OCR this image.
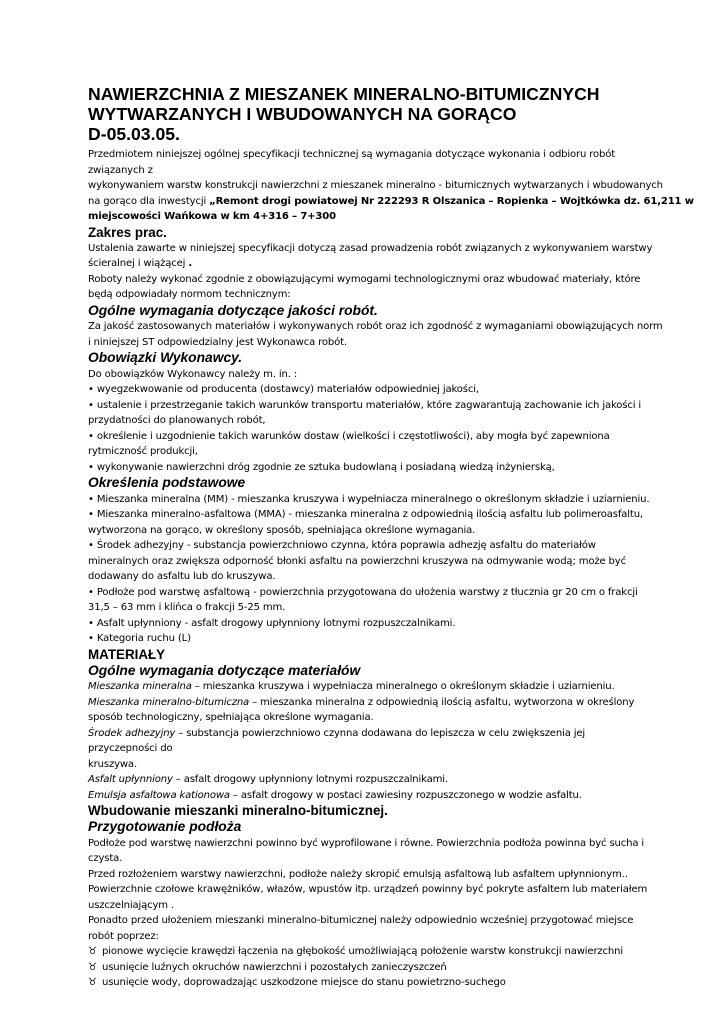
NAWIERZCHNIA Z MIESZANEK MINERALNO-BITUMICZNYCH
WYTWARZANYCH I WBUDOWANYCH NA GORĄCO
D-05.03.05.
Przedmiotem niniejszej ogólnej specyfikacji technicznej są wymagania dotyczące wykonania i odbioru robót
związanych z
wykonywaniem warstw konstrukcji nawierzchni z mieszanek mineralno - bitumicznych wytwarzanych i wbudowanych
na gorąco dla inwestycji „Remont drogi powiatowej Nr 222293 R Olszanica – Ropienka – Wojtkówka dz. 61,211 w
miejscowości Wańkowa w km 4+316 – 7+300
Zakres prac.
Ustalenia zawarte w niniejszej specyfikacji dotyczą zasad prowadzenia robót związanych z wykonywaniem warstwy
ścieralnej i wiążącej .
Roboty należy wykonać zgodnie z obowiązującymi wymogami technologicznymi oraz wbudować materiały, które
będą odpowiadały normom technicznym:
Ogólne wymagania dotyczące jakości robót.
Za jakość zastosowanych materiałów i wykonywanych robót oraz ich zgodność z wymaganiami obowiązujących norm
i niniejszej ST odpowiedzialny jest Wykonawca robót.
Obowiązki Wykonawcy.
Do obowiązków Wykonawcy należy m. in. :
• wyegzekwowanie od producenta (dostawcy) materiałów odpowiedniej jakości,
• ustalenie i przestrzeganie takich warunków transportu materiałów, które zagwarantują zachowanie ich jakości i
przydatności do planowanych robót,
• określenie i uzgodnienie takich warunków dostaw (wielkości i częstotliwości), aby mogła być zapewniona
rytmiczność produkcji,
• wykonywanie nawierzchni dróg zgodnie ze sztuka budowlaną i posiadaną wiedzą inżynierską,
Określenia podstawowe
• Mieszanka mineralna (MM) - mieszanka kruszywa i wypełniacza mineralnego o określonym składzie i uziarnieniu.
• Mieszanka mineralno-asfaltowa (MMA) - mieszanka mineralna z odpowiednią ilością asfaltu lub polimeroasfaltu,
wytworzona na gorąco, w określony sposób, spełniająca określone wymagania.
• Środek adhezyjny - substancja powierzchniowo czynna, która poprawia adhezję asfaltu do materiałów
mineralnych oraz zwiększa odporność błonki asfaltu na powierzchni kruszywa na odmywanie wodą; może być
dodawany do asfaltu lub do kruszywa.
• Podłoże pod warstwę asfaltową - powierzchnia przygotowana do ułożenia warstwy z tłucznia gr 20 cm o frakcji
31,5 – 63 mm i klińca o frakcji 5-25 mm.
• Asfalt upłynniony - asfalt drogowy upłynniony lotnymi rozpuszczalnikami.
• Kategoria ruchu (L)
MATERIAŁY
Ogólne wymagania dotyczące materiałów
Mieszanka mineralna – mieszanka kruszywa i wypełniacza mineralnego o określonym składzie i uziarnieniu.
Mieszanka mineralno-bitumiczna – mieszanka mineralna z odpowiednią ilością asfaltu, wytworzona w określony
sposób technologiczny, spełniająca określone wymagania.
Środek adhezyjny – substancja powierzchniowo czynna dodawana do lepiszcza w celu zwiększenia jej
przyczepności do
kruszywa.
Asfalt upłynniony – asfalt drogowy upłynniony lotnymi rozpuszczalnikami.
Emulsja asfaltowa kationowa – asfalt drogowy w postaci zawiesiny rozpuszczonego w wodzie asfaltu.
Wbudowanie mieszanki mineralno-bitumicznej.
Przygotowanie podłoża
Podłoże pod warstwę nawierzchni powinno być wyprofilowane i równe. Powierzchnia podłoża powinna być sucha i
czysta.
Przed rozłożeniem warstwy nawierzchni, podłoże należy skropić emulsją asfaltową lub asfaltem upłynnionym..
Powierzchnie czołowe krawężników, włazów, wpustów itp. urządzeń powinny być pokryte asfaltem lub materiałem
uszczelniającym .
Ponadto przed ułożeniem mieszanki mineralno-bitumicznej należy odpowiednio wcześniej przygotować miejsce
robót poprzez:
♉ pionowe wycięcie krawędzi łączenia na głębokość umożliwiającą położenie warstw konstrukcji nawierzchni
♉ usunięcie luźnych okruchów nawierzchni i pozostałych zanieczyszczeń
♉ usunięcie wody, doprowadzając uszkodzone miejsce do stanu powietrzno-suchego
